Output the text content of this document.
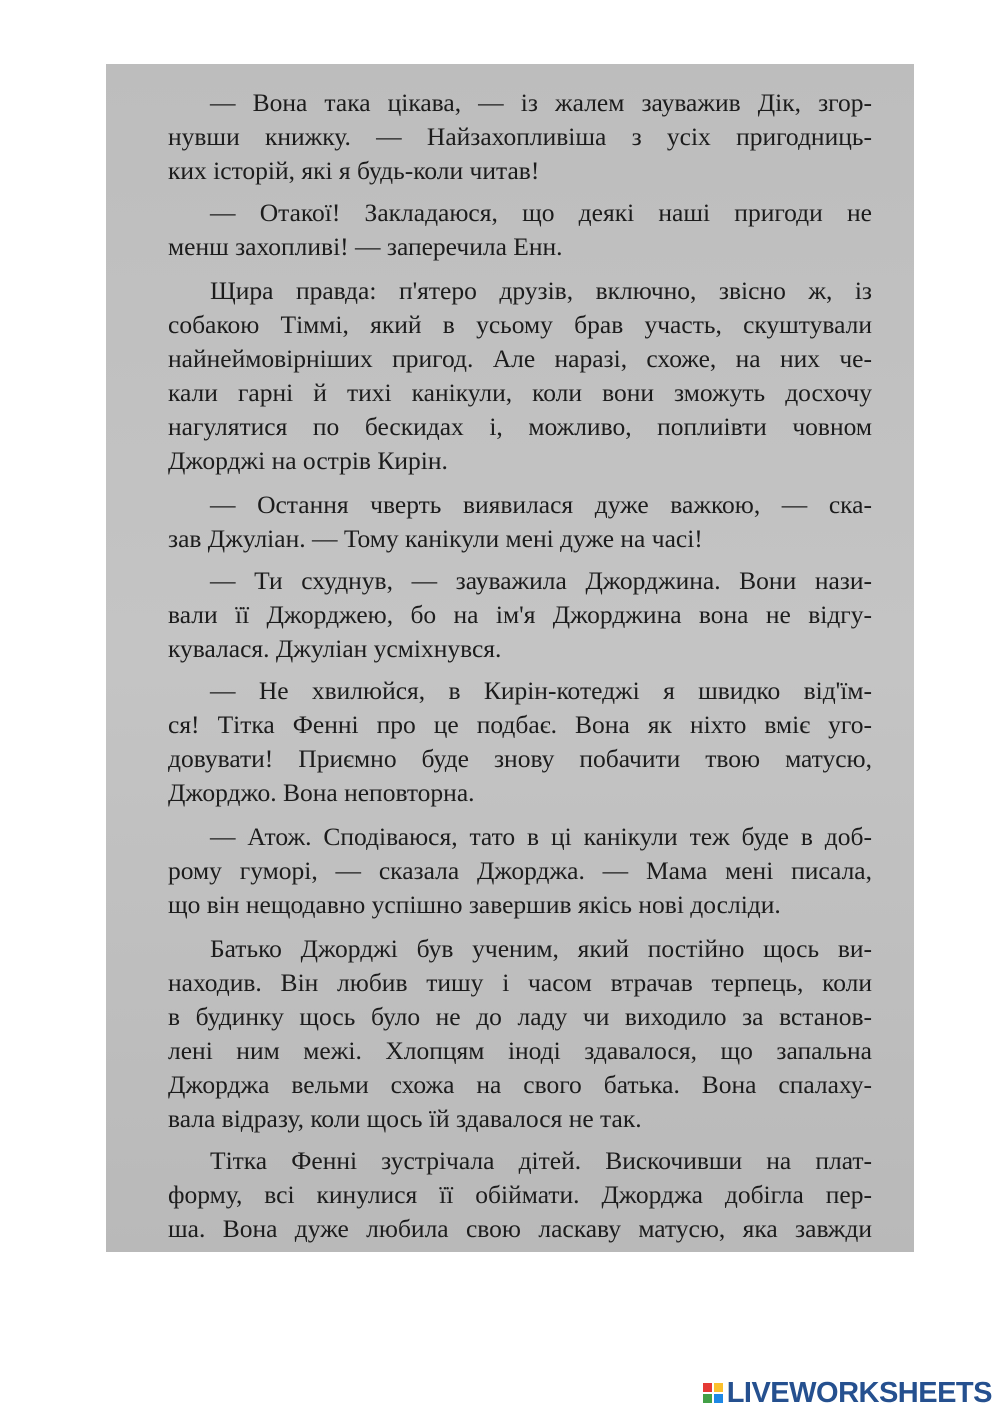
— Вона така цікава, — із жалем зауважив Дік, згор-
нувши книжку. — Найзахопливіша з усіх пригодниць-
ких історій, які я будь-коли читав!
— Отакої! Закладаюся, що деякі наші пригоди не
менш захопливі! — заперечила Енн.
Щира правда: п'ятеро друзів, включно, звісно ж, із
собакою Тіммі, який в усьому брав участь, скуштували
найнеймовірніших пригод. Але наразі, схоже, на них че-
кали гарні й тихі канікули, коли вони зможуть досхочу
нагулятися по бескидах і, можливо, поплиівти човном
Джорджі на острів Кирін.
— Остання чверть виявилася дуже важкою, — ска-
зав Джуліан. — Тому канікули мені дуже на часі!
— Ти схуднув, — зауважила Джорджина. Вони нази-
вали її Джорджею, бо на ім'я Джорджина вона не відгу-
кувалася. Джуліан усміхнувся.
— Не хвилюйся, в Кирін-котеджі я швидко від'їм-
ся! Тітка Фенні про це подбає. Вона як ніхто вміє уго-
довувати! Приємно буде знову побачити твою матусю,
Джорджо. Вона неповторна.
— Атож. Сподіваюся, тато в ці канікули теж буде в доб-
рому гуморі, — сказала Джорджа. — Мама мені писала,
що він нещодавно успішно завершив якісь нові досліди.
Батько Джорджі був ученим, який постійно щось ви-
находив. Він любив тишу і часом втрачав терпець, коли
в будинку щось було не до ладу чи виходило за встанов-
лені ним межі. Хлопцям іноді здавалося, що запальна
Джорджа вельми схожа на свого батька. Вона спалаху-
вала відразу, коли щось їй здавалося не так.
Тітка Фенні зустрічала дітей. Вискочивши на плат-
форму, всі кинулися її обіймати. Джорджа добігла пер-
ша. Вона дуже любила свою ласкаву матусю, яка завжди
LIVEWORKSHEETS
